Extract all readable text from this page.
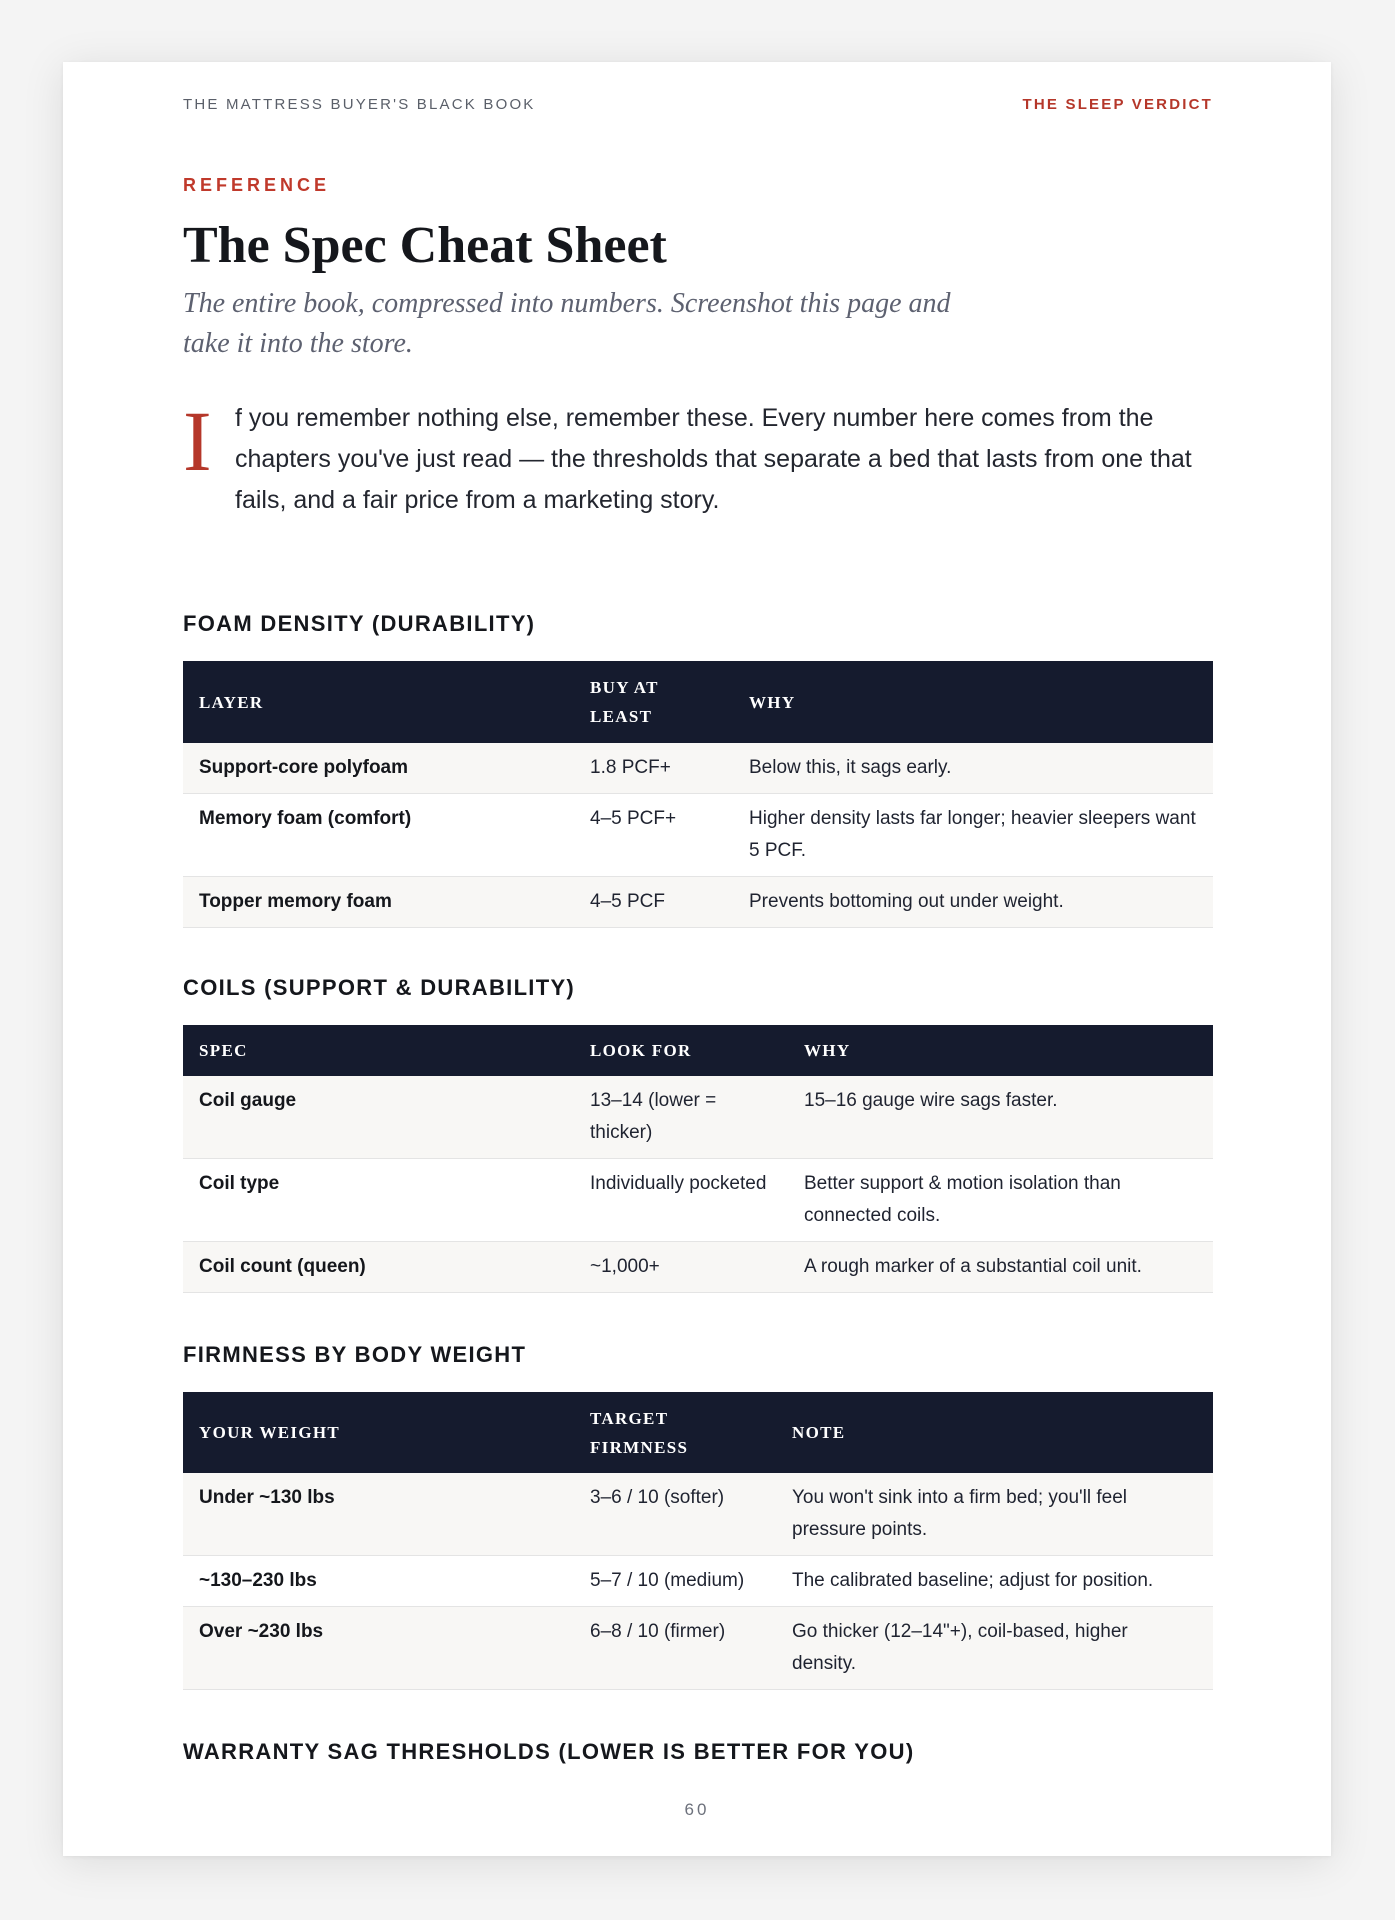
THE MATTRESS BUYER'S BLACK BOOK	THE SLEEP VERDICT
REFERENCE
The Spec Cheat Sheet

The entire book, compressed into numbers. Screenshot this page and take it into the store.

I f you remember nothing else, remember these. Every number here comes from the chapters you've just read — the thresholds that separate a bed that lasts from one that fails, and a fair price from a marketing story.

FOAM DENSITY (DURABILITY)
LAYER	BUY AT LEAST	WHY
Support-core polyfoam	1.8 PCF+	Below this, it sags early.
Memory foam (comfort)	4–5 PCF+	Higher density lasts far longer; heavier sleepers want 5 PCF.
Topper memory foam	4–5 PCF	Prevents bottoming out under weight.
COILS (SUPPORT & DURABILITY)
SPEC	LOOK FOR	WHY
Coil gauge	13–14 (lower = thicker)	15–16 gauge wire sags faster.
Coil type	Individually pocketed	Better support & motion isolation than connected coils.
Coil count (queen)	~1,000+	A rough marker of a substantial coil unit.
FIRMNESS BY BODY WEIGHT
YOUR WEIGHT	TARGET FIRMNESS	NOTE
Under ~130 lbs	3–6 / 10 (softer)	You won't sink into a firm bed; you'll feel pressure points.
~130–230 lbs	5–7 / 10 (medium)	The calibrated baseline; adjust for position.
Over ~230 lbs	6–8 / 10 (firmer)	Go thicker (12–14"+), coil-based, higher density.
WARRANTY SAG THRESHOLDS (LOWER IS BETTER FOR YOU)
60
